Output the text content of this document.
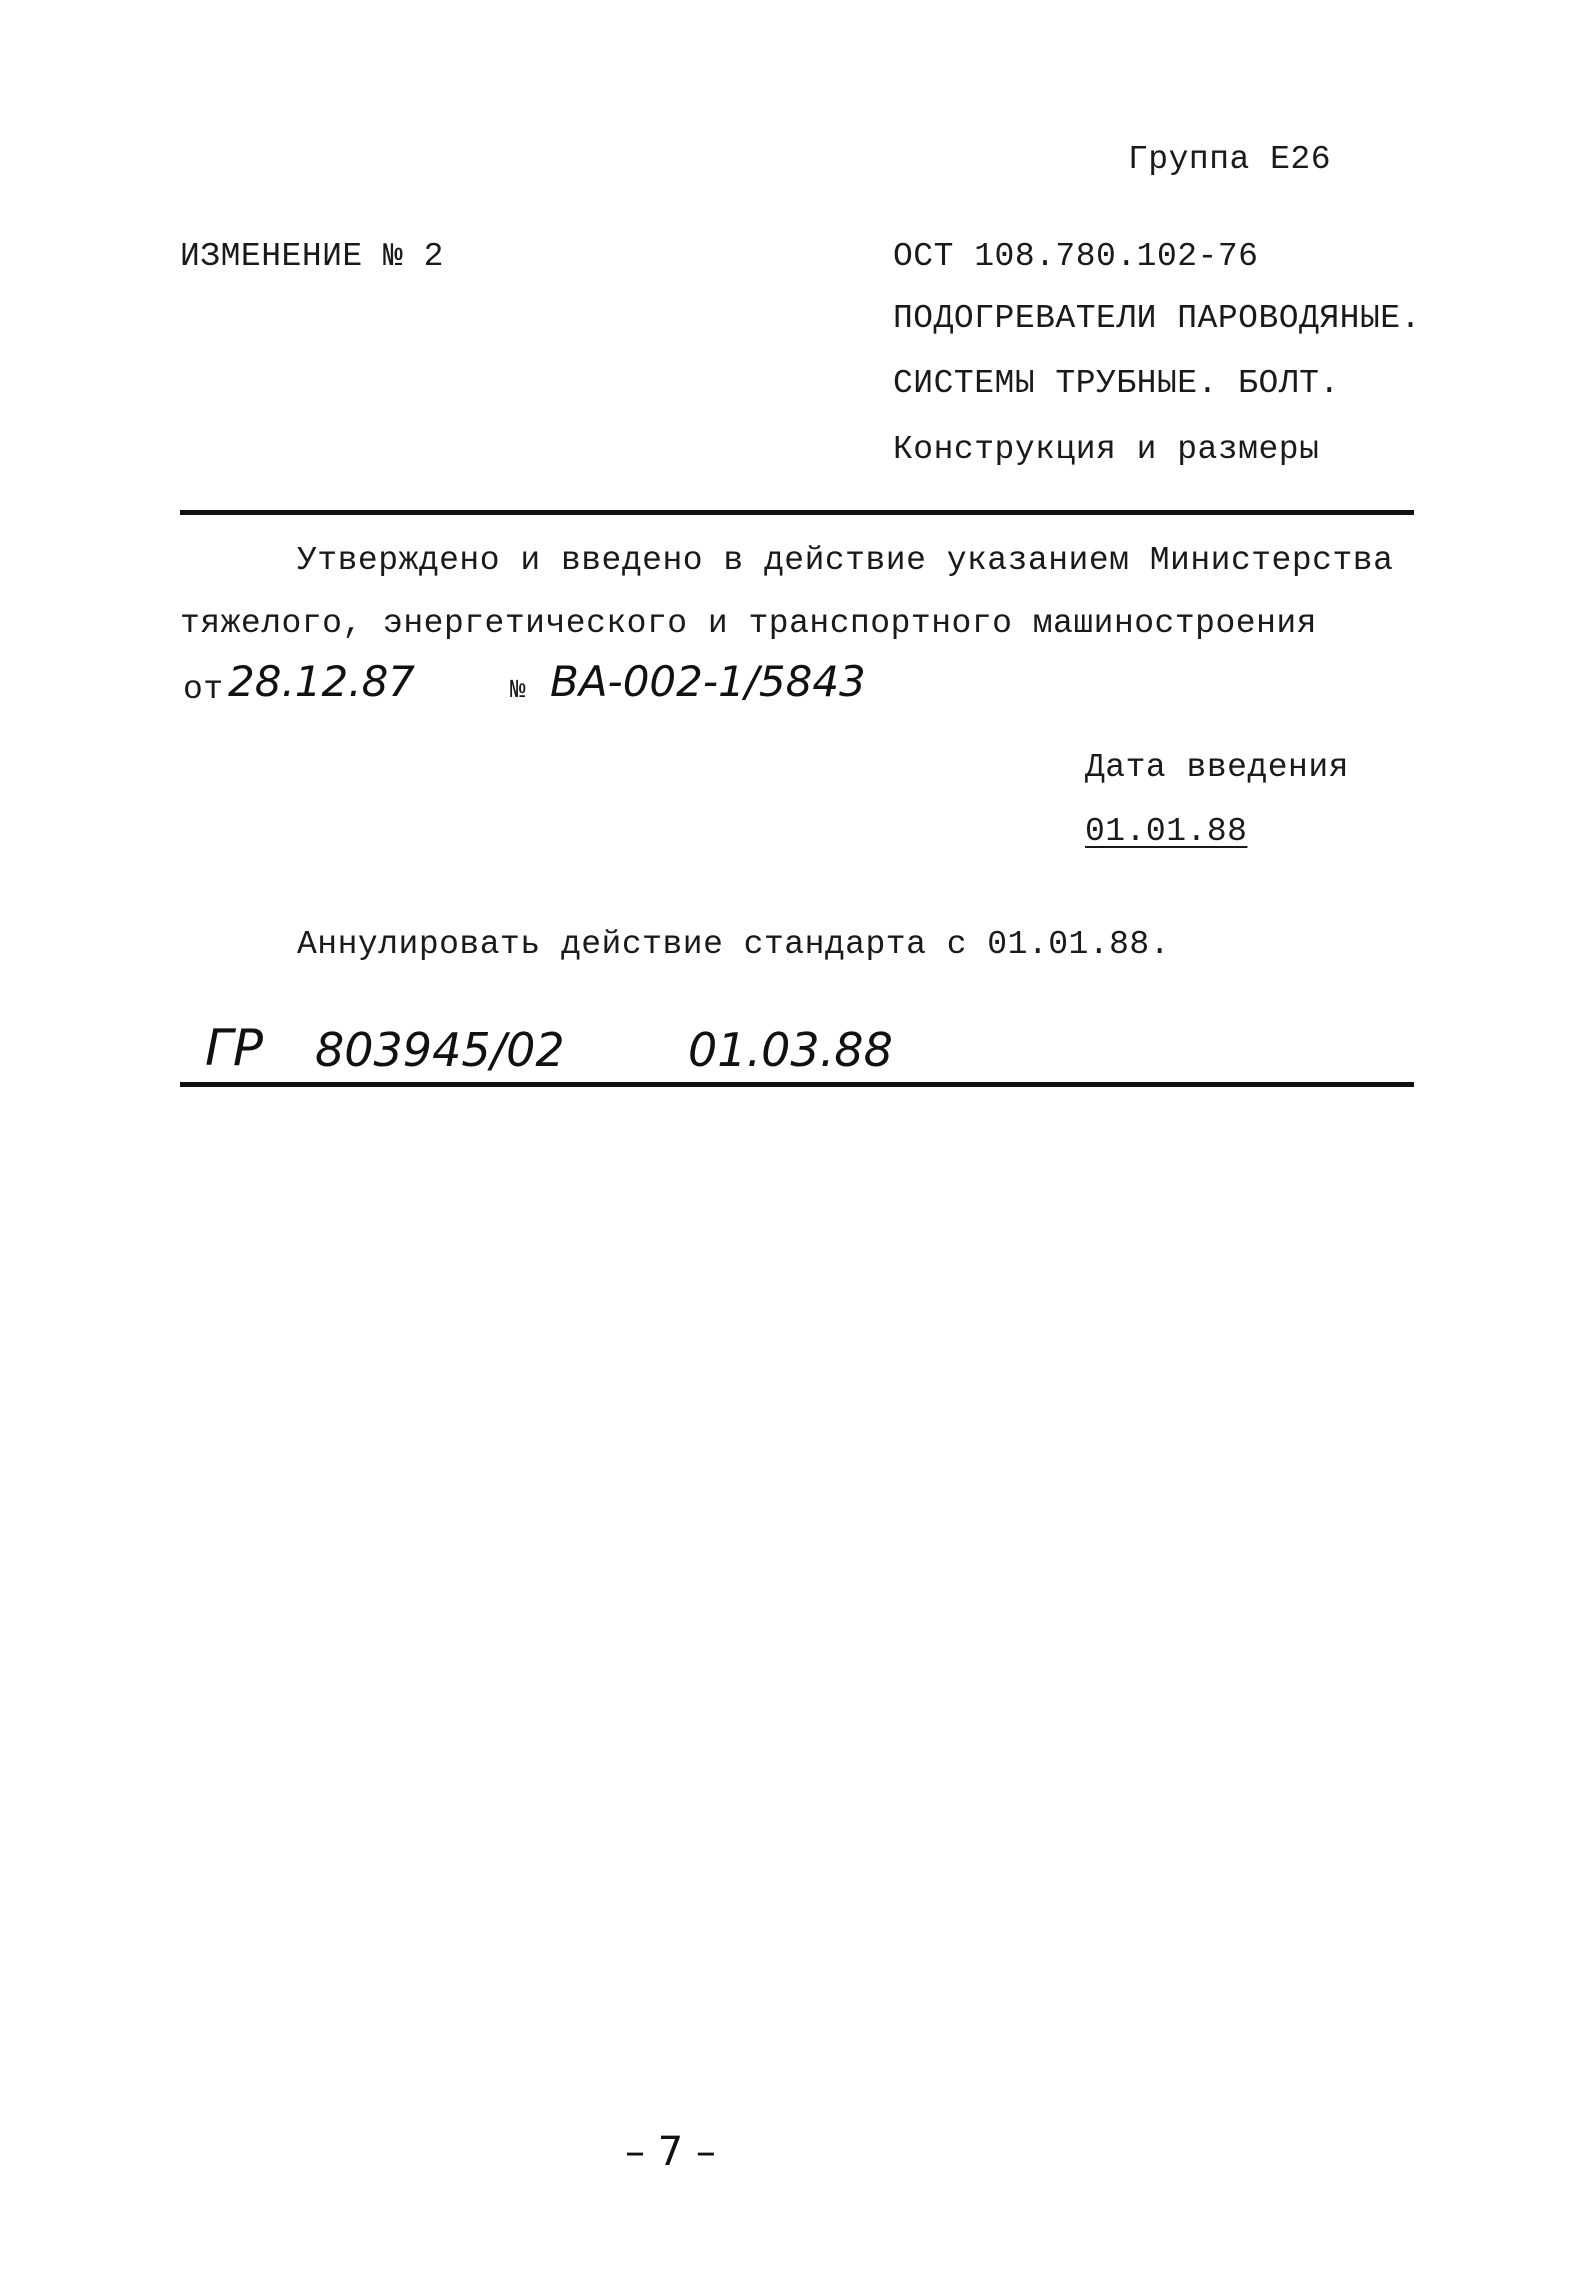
Группа Е26
ИЗМЕНЕНИЕ № 2	ОСТ 108.780.102-76
ПОДОГРЕВАТЕЛИ ПАРОВОДЯНЫЕ.
СИСТЕМЫ ТРУБНЫЕ. БОЛТ.
Конструкция и размеры
Утверждено и введено в действие указанием Министерства
тяжелого, энергетического и транспортного машиностроения
от 28.12.87	№ ВА-002-1/5843
Дата введения
01.01.88
Аннулировать действие стандарта с 01.01.88.
ГР 803945/02	01.03.88
– 7 –
